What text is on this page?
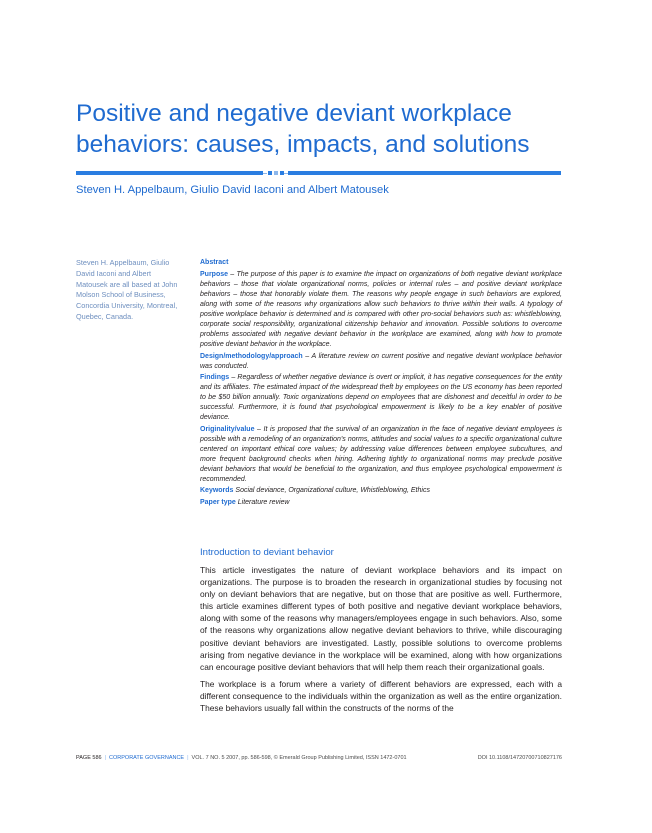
Positive and negative deviant workplace behaviors: causes, impacts, and solutions

Steven H. Appelbaum, Giulio David Iaconi and Albert Matousek

Steven H. Appelbaum, Giulio David Iaconi and Albert Matousek are all based at John Molson School of Business, Concordia University, Montreal, Quebec, Canada.

Abstract

Purpose – The purpose of this paper is to examine the impact on organizations of both negative deviant workplace behaviors – those that violate organizational norms, policies or internal rules – and positive deviant workplace behaviors – those that honorably violate them. The reasons why people engage in such behaviors are explored, along with some of the reasons why organizations allow such behaviors to thrive within their walls. A typology of positive workplace behavior is determined and is compared with other pro-social behaviors such as: whistleblowing, corporate social responsibility, organizational citizenship behavior and innovation. Possible solutions to overcome problems associated with negative deviant behavior in the workplace are examined, along with how to promote positive deviant behavior in the workplace.

Design/methodology/approach – A literature review on current positive and negative deviant workplace behavior was conducted.

Findings – Regardless of whether negative deviance is overt or implicit, it has negative consequences for the entity and its affiliates. The estimated impact of the widespread theft by employees on the US economy has been reported to be $50 billion annually. Toxic organizations depend on employees that are dishonest and deceitful in order to be successful. Furthermore, it is found that psychological empowerment is likely to be a key enabler of positive deviance.

Originality/value – It is proposed that the survival of an organization in the face of negative deviant employees is possible with a remodeling of an organization's norms, attitudes and social values to a specific organizational culture centered on important ethical core values; by addressing value differences between employee subcultures, and more frequent background checks when hiring. Adhering tightly to organizational norms may preclude positive deviant behaviors that would be beneficial to the organization, and thus employee psychological empowerment is recommended.

Keywords Social deviance, Organizational culture, Whistleblowing, Ethics

Paper type Literature review

Introduction to deviant behavior

This article investigates the nature of deviant workplace behaviors and its impact on organizations. The purpose is to broaden the research in organizational studies by focusing not only on deviant behaviors that are negative, but on those that are positive as well. Furthermore, this article examines different types of both positive and negative deviant workplace behaviors, along with some of the reasons why managers/employees engage in such behaviors. Also, some of the reasons why organizations allow negative deviant behaviors to thrive, while discouraging positive deviant behaviors are investigated. Lastly, possible solutions to overcome problems arising from negative deviance in the workplace will be examined, along with how organizations can encourage positive deviant behaviors that will help them reach their organizational goals.

The workplace is a forum where a variety of different behaviors are expressed, each with a different consequence to the individuals within the organization as well as the entire organization. These behaviors usually fall within the constructs of the norms of the

PAGE 586 | CORPORATE GOVERNANCE | VOL. 7 NO. 5 2007, pp. 586-598, © Emerald Group Publishing Limited, ISSN 1472-0701	DOI 10.1108/14720700710827176
